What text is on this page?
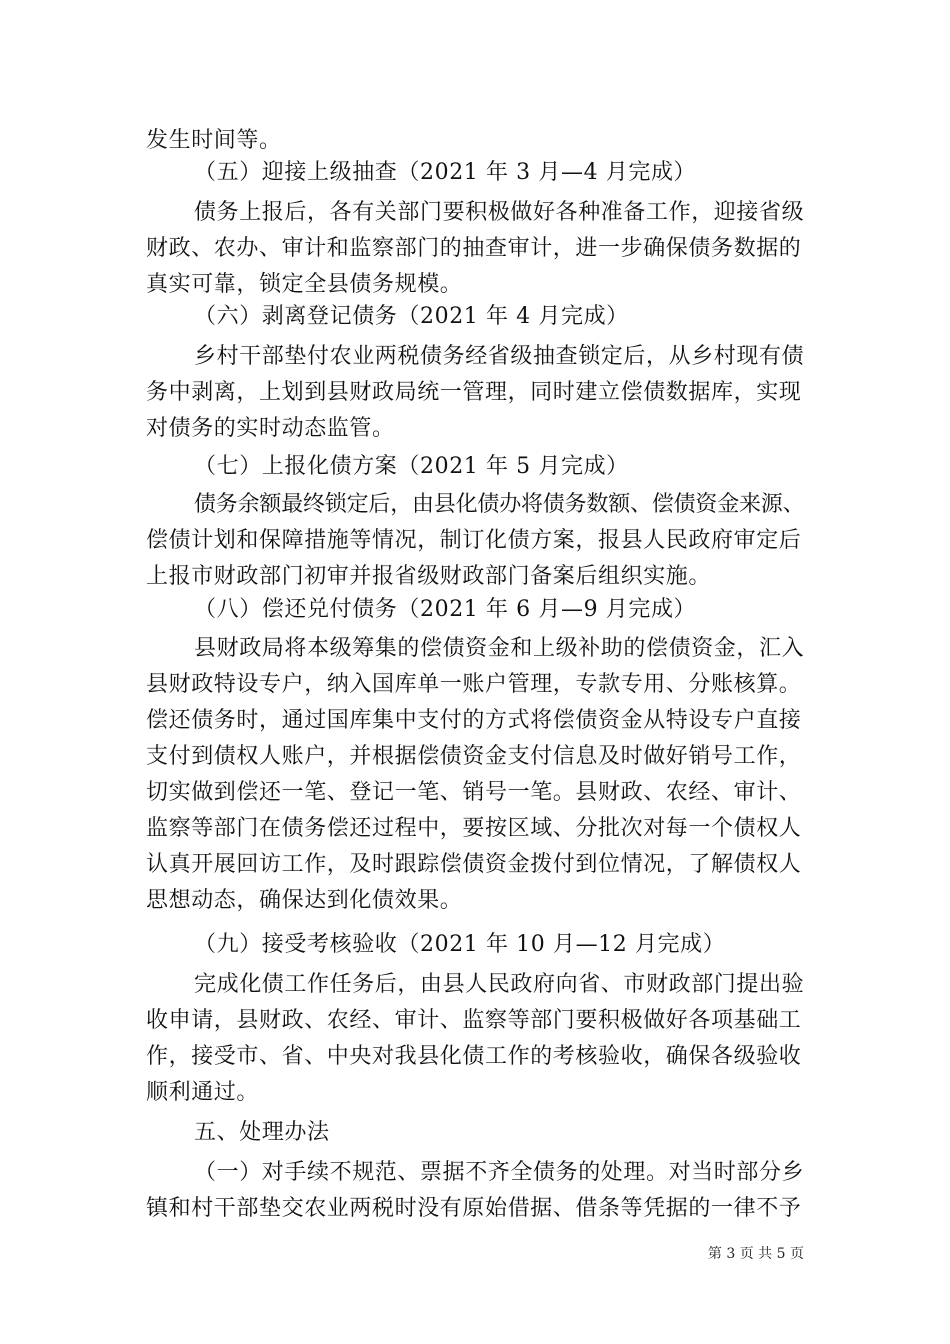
发生时间等。
（五）迎接上级抽查（2021 年 3 月—4 月完成）
债务上报后，各有关部门要积极做好各种准备工作，迎接省级
财政、农办、审计和监察部门的抽查审计，进一步确保债务数据的
真实可靠，锁定全县债务规模。
（六）剥离登记债务（2021 年 4 月完成）
乡村干部垫付农业两税债务经省级抽查锁定后，从乡村现有债
务中剥离，上划到县财政局统一管理，同时建立偿债数据库，实现
对债务的实时动态监管。
（七）上报化债方案（2021 年 5 月完成）
债务余额最终锁定后，由县化债办将债务数额、偿债资金来源、
偿债计划和保障措施等情况，制订化债方案，报县人民政府审定后
上报市财政部门初审并报省级财政部门备案后组织实施。
（八）偿还兑付债务（2021 年 6 月—9 月完成）
县财政局将本级筹集的偿债资金和上级补助的偿债资金，汇入
县财政特设专户，纳入国库单一账户管理，专款专用、分账核算。
偿还债务时，通过国库集中支付的方式将偿债资金从特设专户直接
支付到债权人账户，并根据偿债资金支付信息及时做好销号工作，
切实做到偿还一笔、登记一笔、销号一笔。县财政、农经、审计、
监察等部门在债务偿还过程中，要按区域、分批次对每一个债权人
认真开展回访工作，及时跟踪偿债资金拨付到位情况，了解债权人
思想动态，确保达到化债效果。
（九）接受考核验收（2021 年 10 月—12 月完成）
完成化债工作任务后，由县人民政府向省、市财政部门提出验
收申请，县财政、农经、审计、监察等部门要积极做好各项基础工
作，接受市、省、中央对我县化债工作的考核验收，确保各级验收
顺利通过。
五、处理办法
（一）对手续不规范、票据不齐全债务的处理。对当时部分乡
镇和村干部垫交农业两税时没有原始借据、借条等凭据的一律不予
第 3 页 共 5 页
